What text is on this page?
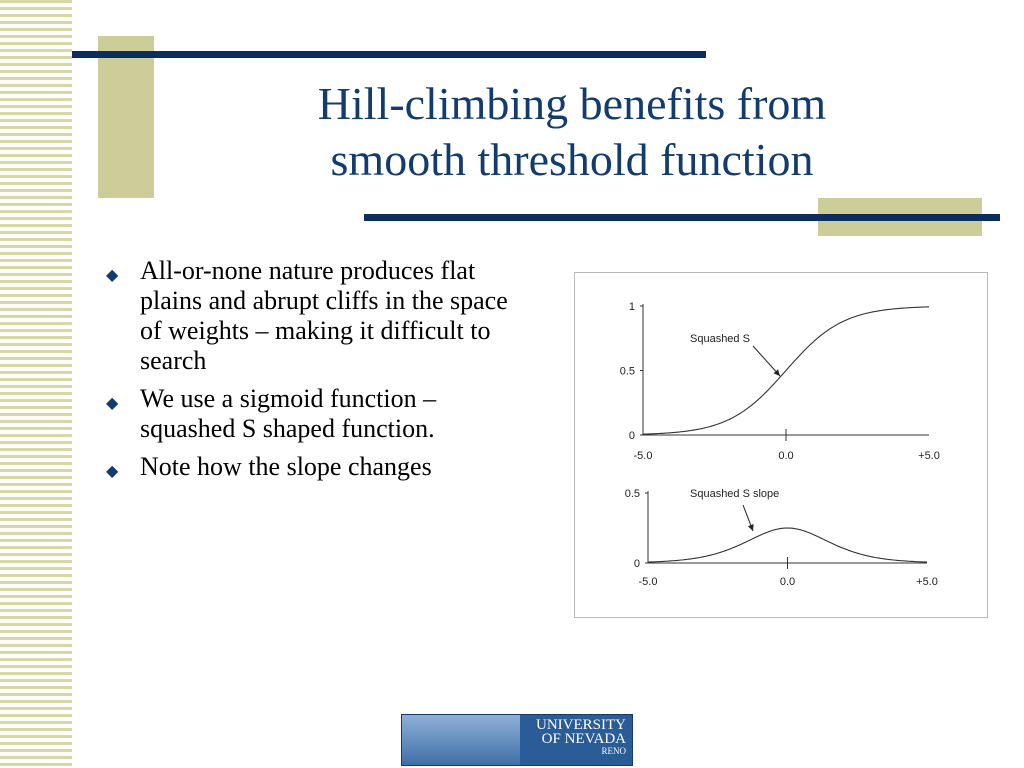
Hill-climbing benefits from
smooth threshold function
◆ All-or-none nature produces flat plains and abrupt cliffs in the space of weights – making it difficult to search
◆ We use a sigmoid function – squashed S shaped function.
◆ Note how the slope changes
0
0.5
1
-5.0	0.0	+5.0
Squashed S
0
0.5
-5.0	0.0	+5.0
Squashed S slope
UNIVERSITY
OF NEVADA
RENO
